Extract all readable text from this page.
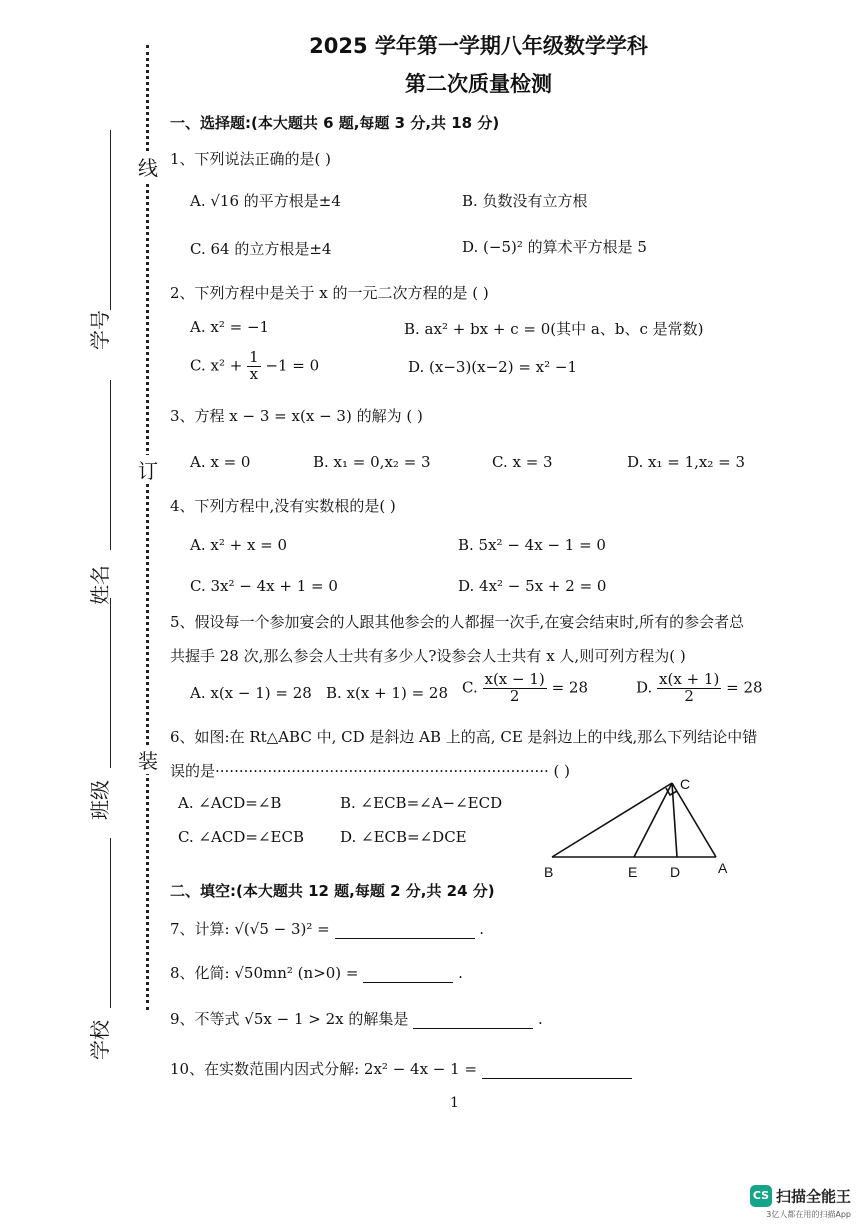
学校
班级
姓名
学号
线
订
装
2025 学年第一学期八年级数学学科
第二次质量检测
一、选择题:(本大题共 6 题,每题 3 分,共 18 分)
1、下列说法正确的是( )
A. √16 的平方根是±4	B. 负数没有立方根
C. 64 的立方根是±4	D. (−5)² 的算术平方根是 5
2、下列方程中是关于 x 的一元二次方程的是 ( )
A. x² = −1	B. ax² + bx + c = 0(其中 a、b、c 是常数)
C. $x^2 + \frac{1}{x} -1 = 0$	D. (x−3)(x−2) = x² −1
3、方程 x − 3 = x(x − 3) 的解为 ( )
A. x = 0	B. x₁ = 0,x₂ = 3	C. x = 3	D. x₁ = 1,x₂ = 3
4、下列方程中,没有实数根的是( )
A. x² + x = 0	B. 5x² − 4x − 1 = 0
C. 3x² − 4x + 1 = 0	D. 4x² − 5x + 2 = 0
5、假设每一个参加宴会的人跟其他参会的人都握一次手,在宴会结束时,所有的参会者总
共握手 28 次,那么参会人士共有多少人?设参会人士共有 x 人,则可列方程为( )
A. x(x − 1) = 28 B. x(x + 1) = 28 C. $\frac{x(x - 1)}{2} = 28$	D. $\frac{x(x + 1)}{2} = 28$
6、如图:在 Rt△ABC 中, CD 是斜边 AB 上的高, CE 是斜边上的中线,那么下列结论中错
误的是······································································ ( )
A. ∠ACD=∠B	B. ∠ECB=∠A−∠ECD
C. ∠ACD=∠ECB D. ∠ECB=∠DCE
B	E D	A
C
二、填空:(本大题共 12 题,每题 2 分,共 24 分)
7、计算: √(√5 − 3)² =	.
8、化简: √50mn² (n>0) =	.
9、不等式 √5x − 1 > 2x 的解集是	.
10、在实数范围内因式分解: 2x² − 4x − 1 =
1
CS 扫描全能王
3亿人都在用的扫描App
